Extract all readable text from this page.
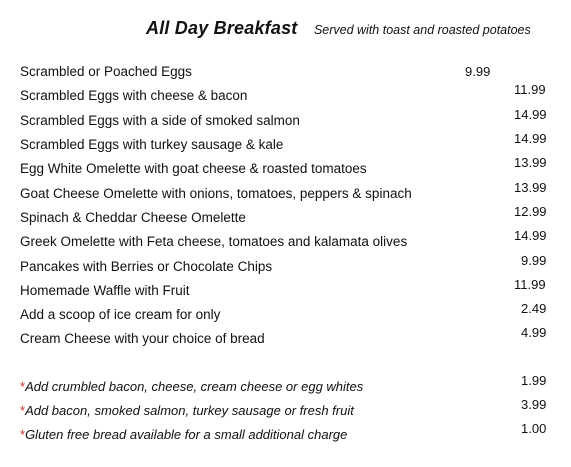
All Day Breakfast Served with toast and roasted potatoes
Scrambled or Poached Eggs	9.99
Scrambled Eggs with cheese & bacon	11.99
Scrambled Eggs with a side of smoked salmon	14.99
Scrambled Eggs with turkey sausage & kale	14.99
Egg White Omelette with goat cheese & roasted tomatoes	13.99
Goat Cheese Omelette with onions, tomatoes, peppers & spinach	13.99
Spinach & Cheddar Cheese Omelette	12.99
Greek Omelette with Feta cheese, tomatoes and kalamata olives	14.99
Pancakes with Berries or Chocolate Chips	9.99
Homemade Waffle with Fruit	11.99
Add a scoop of ice cream for only	2.49
Cream Cheese with your choice of bread	4.99
*Add crumbled bacon, cheese, cream cheese or egg whites	1.99
*Add bacon, smoked salmon, turkey sausage or fresh fruit	3.99
*Gluten free bread available for a small additional charge	1.00
